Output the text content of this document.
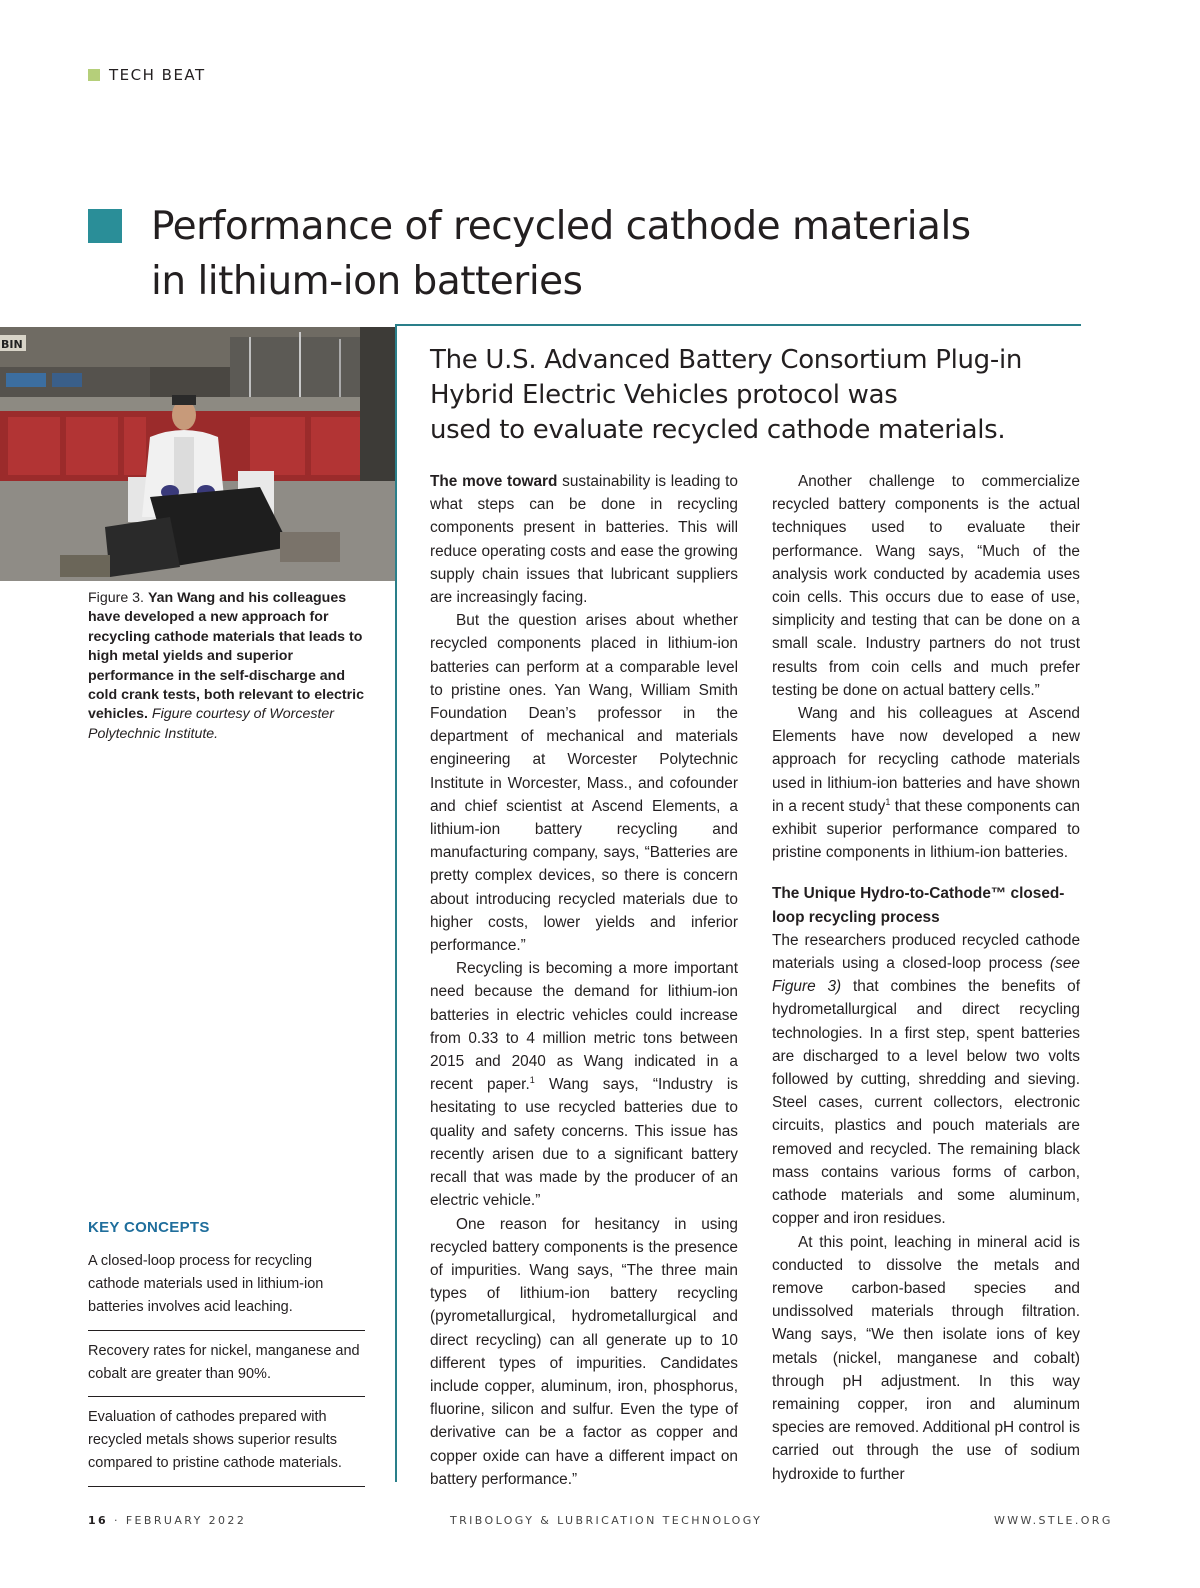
TECH BEAT
Performance of recycled cathode materials
in lithium-ion batteries
BIN
Figure 3. Yan Wang and his colleagues have developed a new approach for recycling cathode materials that leads to high metal yields and superior performance in the self-discharge and cold crank tests, both relevant to electric vehicles. Figure courtesy of Worcester Polytechnic Institute.
The U.S. Advanced Battery Consortium Plug-in
Hybrid Electric Vehicles protocol was
used to evaluate recycled cathode materials.

The move toward sustainability is leading to what steps can be done in recycling components present in batteries. This will reduce operating costs and ease the growing supply chain issues that lubricant suppliers are increasingly facing.

But the question arises about whether recycled components placed in lithium-ion batteries can perform at a comparable level to pristine ones. Yan Wang, William Smith Foundation Dean’s professor in the department of mechanical and materials engineering at Worcester Polytechnic Institute in Worcester, Mass., and cofounder and chief scientist at Ascend Elements, a lithium-ion battery recycling and manufacturing company, says, “Batteries are pretty complex devices, so there is concern about introducing recycled materials due to higher costs, lower yields and inferior performance.”

Recycling is becoming a more important need because the demand for lithium-ion batteries in electric vehicles could increase from 0.33 to 4 million metric tons between 2015 and 2040 as Wang indicated in a recent paper.$^1$ Wang says, “Industry is hesitating to use recycled batteries due to quality and safety concerns. This issue has recently arisen due to a significant battery recall that was made by the producer of an electric vehicle.”

One reason for hesitancy in using recycled battery components is the presence of impurities. Wang says, “The three main types of lithium-ion battery recycling (pyrometallurgical, hydrometallurgical and direct recycling) can all generate up to 10 different types of impurities. Candidates include copper, aluminum, iron, phosphorus, fluorine, silicon and sulfur. Even the type of derivative can be a factor as copper and copper oxide can have a different impact on battery performance.”

Another challenge to commercialize recycled battery components is the actual techniques used to evaluate their performance. Wang says, “Much of the analysis work conducted by academia uses coin cells. This occurs due to ease of use, simplicity and testing that can be done on a small scale. Industry partners do not trust results from coin cells and much prefer testing be done on actual battery cells.”

Wang and his colleagues at Ascend Elements have now developed a new approach for recycling cathode materials used in lithium-ion batteries and have shown in a recent study$^1$ that these components can exhibit superior performance compared to pristine components in lithium-ion batteries.

The Unique Hydro-to-Cathode™ closed-loop recycling process

The researchers produced recycled cathode materials using a closed-loop process (see Figure 3) that combines the benefits of hydrometallurgical and direct recycling technologies. In a first step, spent batteries are discharged to a level below two volts followed by cutting, shredding and sieving. Steel cases, current collectors, electronic circuits, plastics and pouch materials are removed and recycled. The remaining black mass contains various forms of carbon, cathode materials and some aluminum, copper and iron residues.

At this point, leaching in mineral acid is conducted to dissolve the metals and remove carbon-based species and undissolved materials through filtration. Wang says, “We then isolate ions of key metals (nickel, manganese and cobalt) through pH adjustment. In this way remaining copper, iron and aluminum species are removed. Additional pH control is carried out through the use of sodium hydroxide to further

KEY CONCEPTS
A closed-loop process for recycling cathode materials used in lithium-ion batteries involves acid leaching.
Recovery rates for nickel, manganese and cobalt are greater than 90%.
Evaluation of cathodes prepared with recycled metals shows superior results compared to pristine cathode materials.
16 · FEBRUARY 2022	TRIBOLOGY & LUBRICATION TECHNOLOGY	WWW.STLE.ORG
